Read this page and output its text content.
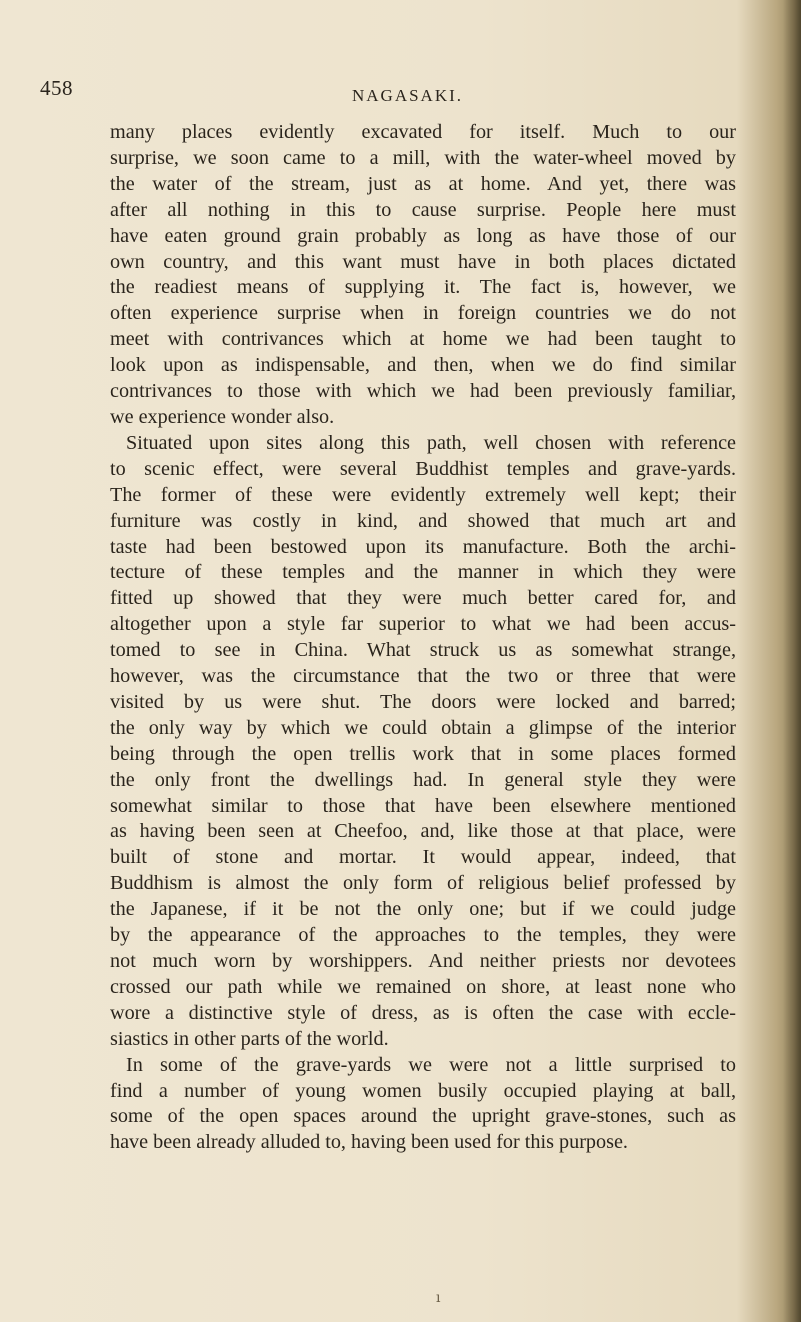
458	NAGASAKI.
many places evidently excavated for itself. Much to our
surprise, we soon came to a mill, with the water-wheel moved by
the water of the stream, just as at home. And yet, there was
after all nothing in this to cause surprise. People here must
have eaten ground grain probably as long as have those of our
own country, and this want must have in both places dictated
the readiest means of supplying it. The fact is, however, we
often experience surprise when in foreign countries we do not
meet with contrivances which at home we had been taught to
look upon as indispensable, and then, when we do find similar
contrivances to those with which we had been previously familiar,
we experience wonder also.
Situated upon sites along this path, well chosen with reference
to scenic effect, were several Buddhist temples and grave-yards.
The former of these were evidently extremely well kept; their
furniture was costly in kind, and showed that much art and
taste had been bestowed upon its manufacture. Both the archi-
tecture of these temples and the manner in which they were
fitted up showed that they were much better cared for, and
altogether upon a style far superior to what we had been accus-
tomed to see in China. What struck us as somewhat strange,
however, was the circumstance that the two or three that were
visited by us were shut. The doors were locked and barred;
the only way by which we could obtain a glimpse of the interior
being through the open trellis work that in some places formed
the only front the dwellings had. In general style they were
somewhat similar to those that have been elsewhere mentioned
as having been seen at Cheefoo, and, like those at that place, were
built of stone and mortar. It would appear, indeed, that
Buddhism is almost the only form of religious belief professed by
the Japanese, if it be not the only one; but if we could judge
by the appearance of the approaches to the temples, they were
not much worn by worshippers. And neither priests nor devotees
crossed our path while we remained on shore, at least none who
wore a distinctive style of dress, as is often the case with eccle-
siastics in other parts of the world.
In some of the grave-yards we were not a little surprised to
find a number of young women busily occupied playing at ball,
some of the open spaces around the upright grave-stones, such as
have been already alluded to, having been used for this purpose.
ı
